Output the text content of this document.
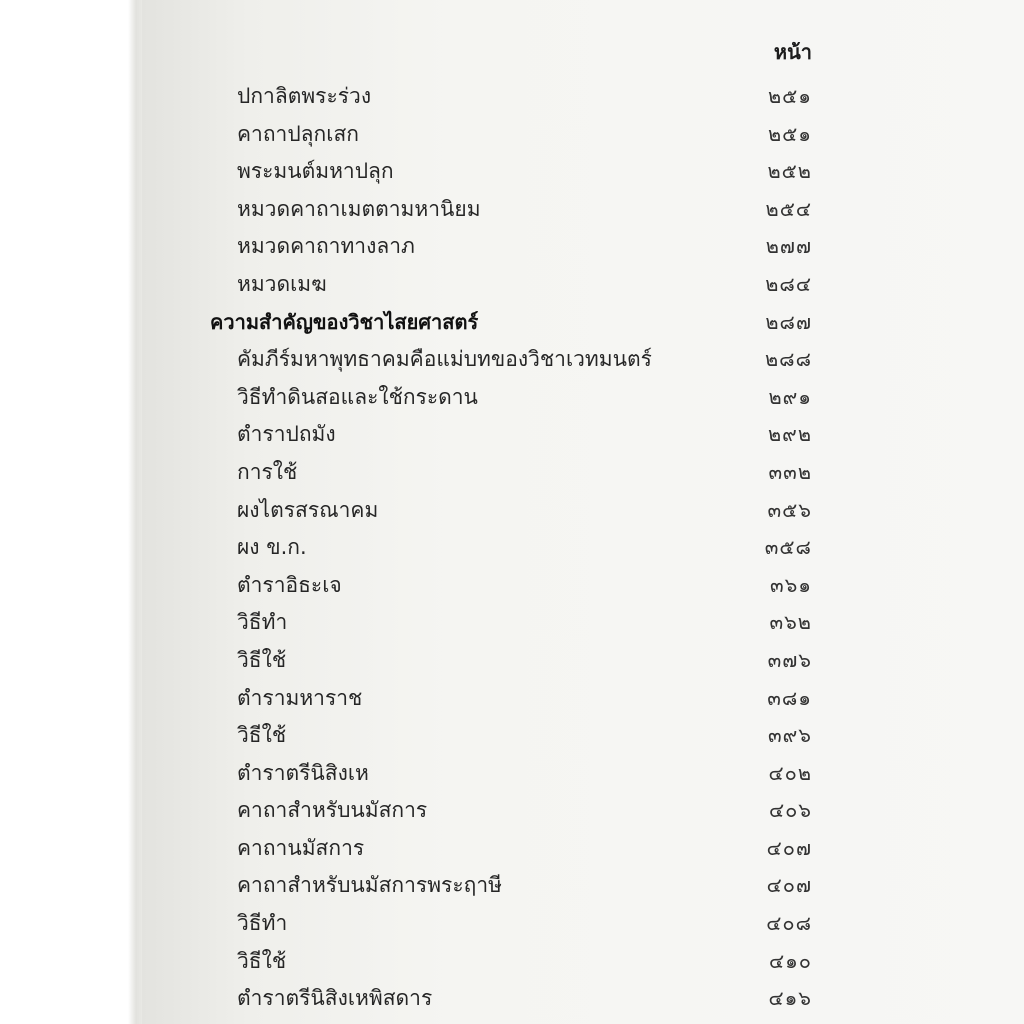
หน้า
ปกาลิตพระร่วง	๒๕๑
คาถาปลุกเสก	๒๕๑
พระมนต์มหาปลุก	๒๕๒
หมวดคาถาเมตตามหานิยม	๒๕๔
หมวดคาถาทางลาภ	๒๗๗
หมวดเมฆ	๒๘๔
ความสำคัญของวิชาไสยศาสตร์	๒๘๗
คัมภีร์มหาพุทธาคมคือแม่บทของวิชาเวทมนตร์	๒๘๘
วิธีทำดินสอและใช้กระดาน	๒๙๑
ตำราปถมัง	๒๙๒
การใช้	๓๓๒
ผงไตรสรณาคม	๓๕๖
ผง ข.ก.	๓๕๘
ตำราอิธะเจ	๓๖๑
วิธีทำ	๓๖๒
วิธีใช้	๓๗๖
ตำรามหาราช	๓๘๑
วิธีใช้	๓๙๖
ตำราตรีนิสิงเห	๔๐๒
คาถาสำหรับนมัสการ	๔๐๖
คาถานมัสการ	๔๐๗
คาถาสำหรับนมัสการพระฤาษี	๔๐๗
วิธีทำ	๔๐๘
วิธีใช้	๔๑๐
ตำราตรีนิสิงเหพิสดาร	๔๑๖
